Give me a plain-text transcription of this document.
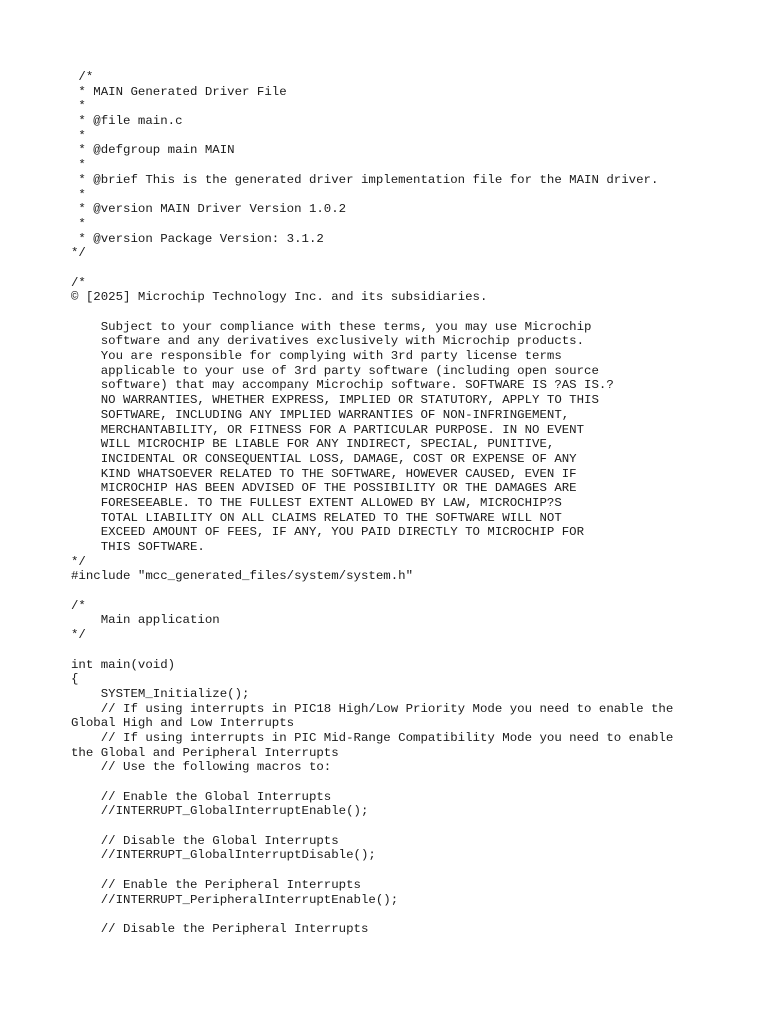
/*
* MAIN Generated Driver File
*
* @file main.c
*
* @defgroup main MAIN
*
* @brief This is the generated driver implementation file for the MAIN driver.
*
* @version MAIN Driver Version 1.0.2
*
* @version Package Version: 3.1.2
*/
/*
© [2025] Microchip Technology Inc. and its subsidiaries.
Subject to your compliance with these terms, you may use Microchip
software and any derivatives exclusively with Microchip products.
You are responsible for complying with 3rd party license terms
applicable to your use of 3rd party software (including open source
software) that may accompany Microchip software. SOFTWARE IS ?AS IS.?
NO WARRANTIES, WHETHER EXPRESS, IMPLIED OR STATUTORY, APPLY TO THIS
SOFTWARE, INCLUDING ANY IMPLIED WARRANTIES OF NON-INFRINGEMENT,
MERCHANTABILITY, OR FITNESS FOR A PARTICULAR PURPOSE. IN NO EVENT
WILL MICROCHIP BE LIABLE FOR ANY INDIRECT, SPECIAL, PUNITIVE,
INCIDENTAL OR CONSEQUENTIAL LOSS, DAMAGE, COST OR EXPENSE OF ANY
KIND WHATSOEVER RELATED TO THE SOFTWARE, HOWEVER CAUSED, EVEN IF
MICROCHIP HAS BEEN ADVISED OF THE POSSIBILITY OR THE DAMAGES ARE
FORESEEABLE. TO THE FULLEST EXTENT ALLOWED BY LAW, MICROCHIP?S
TOTAL LIABILITY ON ALL CLAIMS RELATED TO THE SOFTWARE WILL NOT
EXCEED AMOUNT OF FEES, IF ANY, YOU PAID DIRECTLY TO MICROCHIP FOR
THIS SOFTWARE.
*/
#include "mcc_generated_files/system/system.h"
/*
Main application
*/
int main(void)
{
SYSTEM_Initialize();
// If using interrupts in PIC18 High/Low Priority Mode you need to enable the
Global High and Low Interrupts
// If using interrupts in PIC Mid-Range Compatibility Mode you need to enable
the Global and Peripheral Interrupts
// Use the following macros to:
// Enable the Global Interrupts
//INTERRUPT_GlobalInterruptEnable();
// Disable the Global Interrupts
//INTERRUPT_GlobalInterruptDisable();
// Enable the Peripheral Interrupts
//INTERRUPT_PeripheralInterruptEnable();
// Disable the Peripheral Interrupts
